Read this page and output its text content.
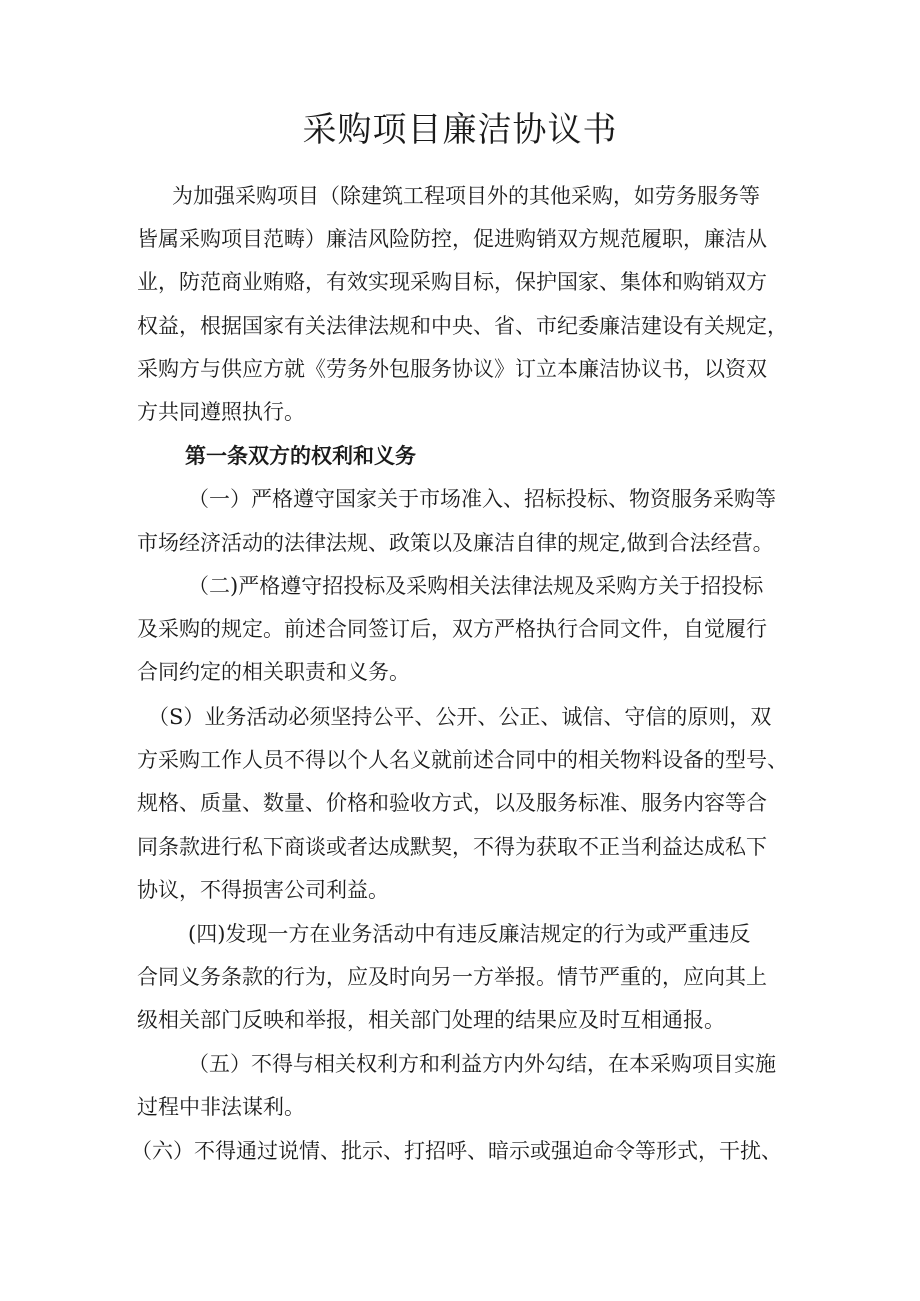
采购项目廉洁协议书

为加强采购项目（除建筑工程项目外的其他采购，如劳务服务等

皆属采购项目范畴）廉洁风险防控，促进购销双方规范履职，廉洁从

业，防范商业贿赂，有效实现采购目标，保护国家、集体和购销双方

权益，根据国家有关法律法规和中央、省、市纪委廉洁建设有关规定，

采购方与供应方就《劳务外包服务协议》订立本廉洁协议书，以资双

方共同遵照执行。

第一条双方的权利和义务

（一）严格遵守国家关于市场准入、招标投标、物资服务采购等

市场经济活动的法律法规、政策以及廉洁自律的规定,做到合法经营。

（二)严格遵守招投标及采购相关法律法规及采购方关于招投标

及采购的规定。前述合同签订后，双方严格执行合同文件，自觉履行

合同约定的相关职责和义务。

（S）业务活动必须坚持公平、公开、公正、诚信、守信的原则，双

方采购工作人员不得以个人名义就前述合同中的相关物料设备的型号、

规格、质量、数量、价格和验收方式，以及服务标准、服务内容等合

同条款进行私下商谈或者达成默契，不得为获取不正当利益达成私下

协议，不得损害公司利益。

(四)发现一方在业务活动中有违反廉洁规定的行为或严重违反

合同义务条款的行为，应及时向另一方举报。情节严重的，应向其上

级相关部门反映和举报，相关部门处理的结果应及时互相通报。

（五）不得与相关权利方和利益方内外勾结，在本采购项目实施

过程中非法谋利。

（六）不得通过说情、批示、打招呼、暗示或强迫命令等形式，干扰、
